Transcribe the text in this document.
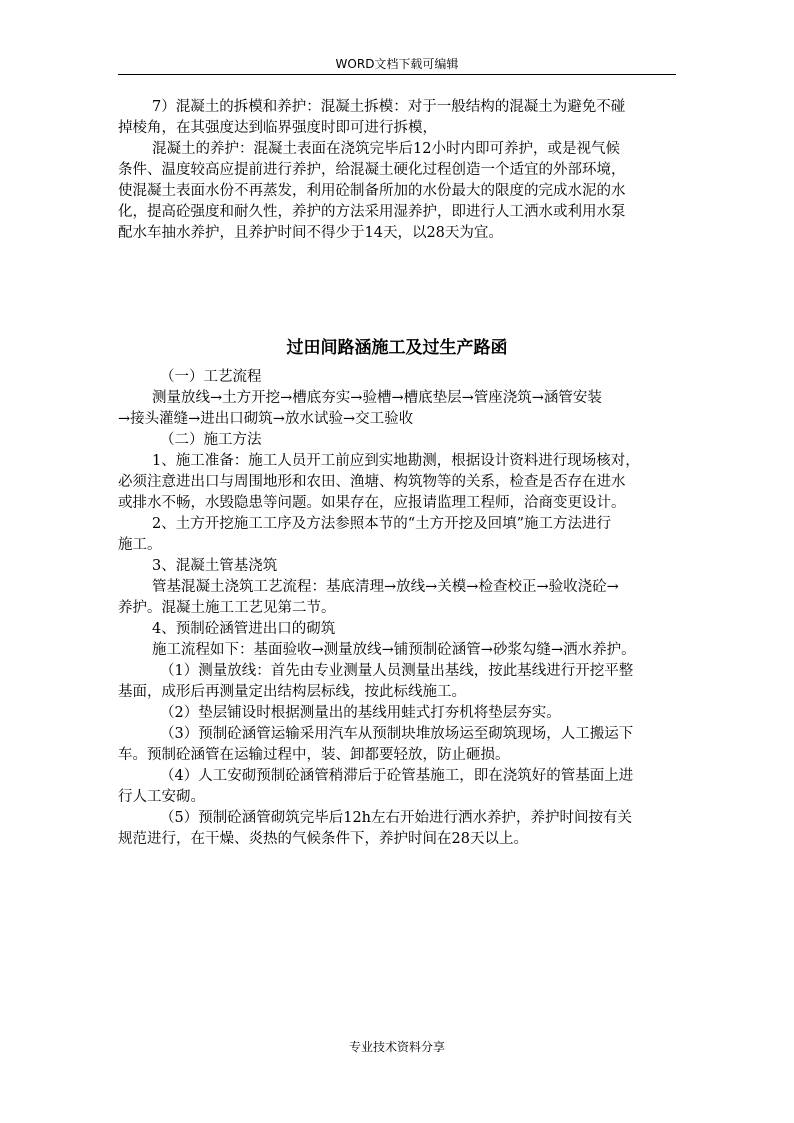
WORD文档下载可编辑
7）混凝土的拆模和养护：混凝土拆模：对于一般结构的混凝土为避免不碰
掉棱角，在其强度达到临界强度时即可进行拆模，
混凝土的养护：混凝土表面在浇筑完毕后12小时内即可养护，或是视气候
条件、温度较高应提前进行养护，给混凝土硬化过程创造一个适宜的外部环境，
使混凝土表面水份不再蒸发，利用砼制备所加的水份最大的限度的完成水泥的水
化，提高砼强度和耐久性，养护的方法采用湿养护，即进行人工洒水或利用水泵
配水车抽水养护，且养护时间不得少于14天，以28天为宜。
过田间路涵施工及过生产路函
（一）工艺流程
测量放线→土方开挖→槽底夯实→验槽→槽底垫层→管座浇筑→涵管安装
→接头灌缝→进出口砌筑→放水试验→交工验收
（二）施工方法
1、施工准备：施工人员开工前应到实地勘测，根据设计资料进行现场核对，
必须注意进出口与周围地形和农田、渔塘、构筑物等的关系，检查是否存在进水
或排水不畅，水毁隐患等问题。如果存在，应报请监理工程师，洽商变更设计。
2、土方开挖施工工序及方法参照本节的“土方开挖及回填”施工方法进行
施工。
3、混凝土管基浇筑
管基混凝土浇筑工艺流程：基底清理→放线→关模→检查校正→验收浇砼→
养护。混凝土施工工艺见第二节。
4、预制砼涵管进出口的砌筑
施工流程如下：基面验收→测量放线→铺预制砼涵管→砂浆勾缝→洒水养护。
（1）测量放线：首先由专业测量人员测量出基线，按此基线进行开挖平整
基面，成形后再测量定出结构层标线，按此标线施工。
（2）垫层铺设时根据测量出的基线用蛙式打夯机将垫层夯实。
（3）预制砼涵管运输采用汽车从预制块堆放场运至砌筑现场，人工搬运下
车。预制砼涵管在运输过程中，装、卸都要轻放，防止砸损。
（4）人工安砌预制砼涵管稍滞后于砼管基施工，即在浇筑好的管基面上进
行人工安砌。
（5）预制砼涵管砌筑完毕后12h左右开始进行洒水养护，养护时间按有关
规范进行，在干燥、炎热的气候条件下，养护时间在28天以上。
专业技术资料分享
